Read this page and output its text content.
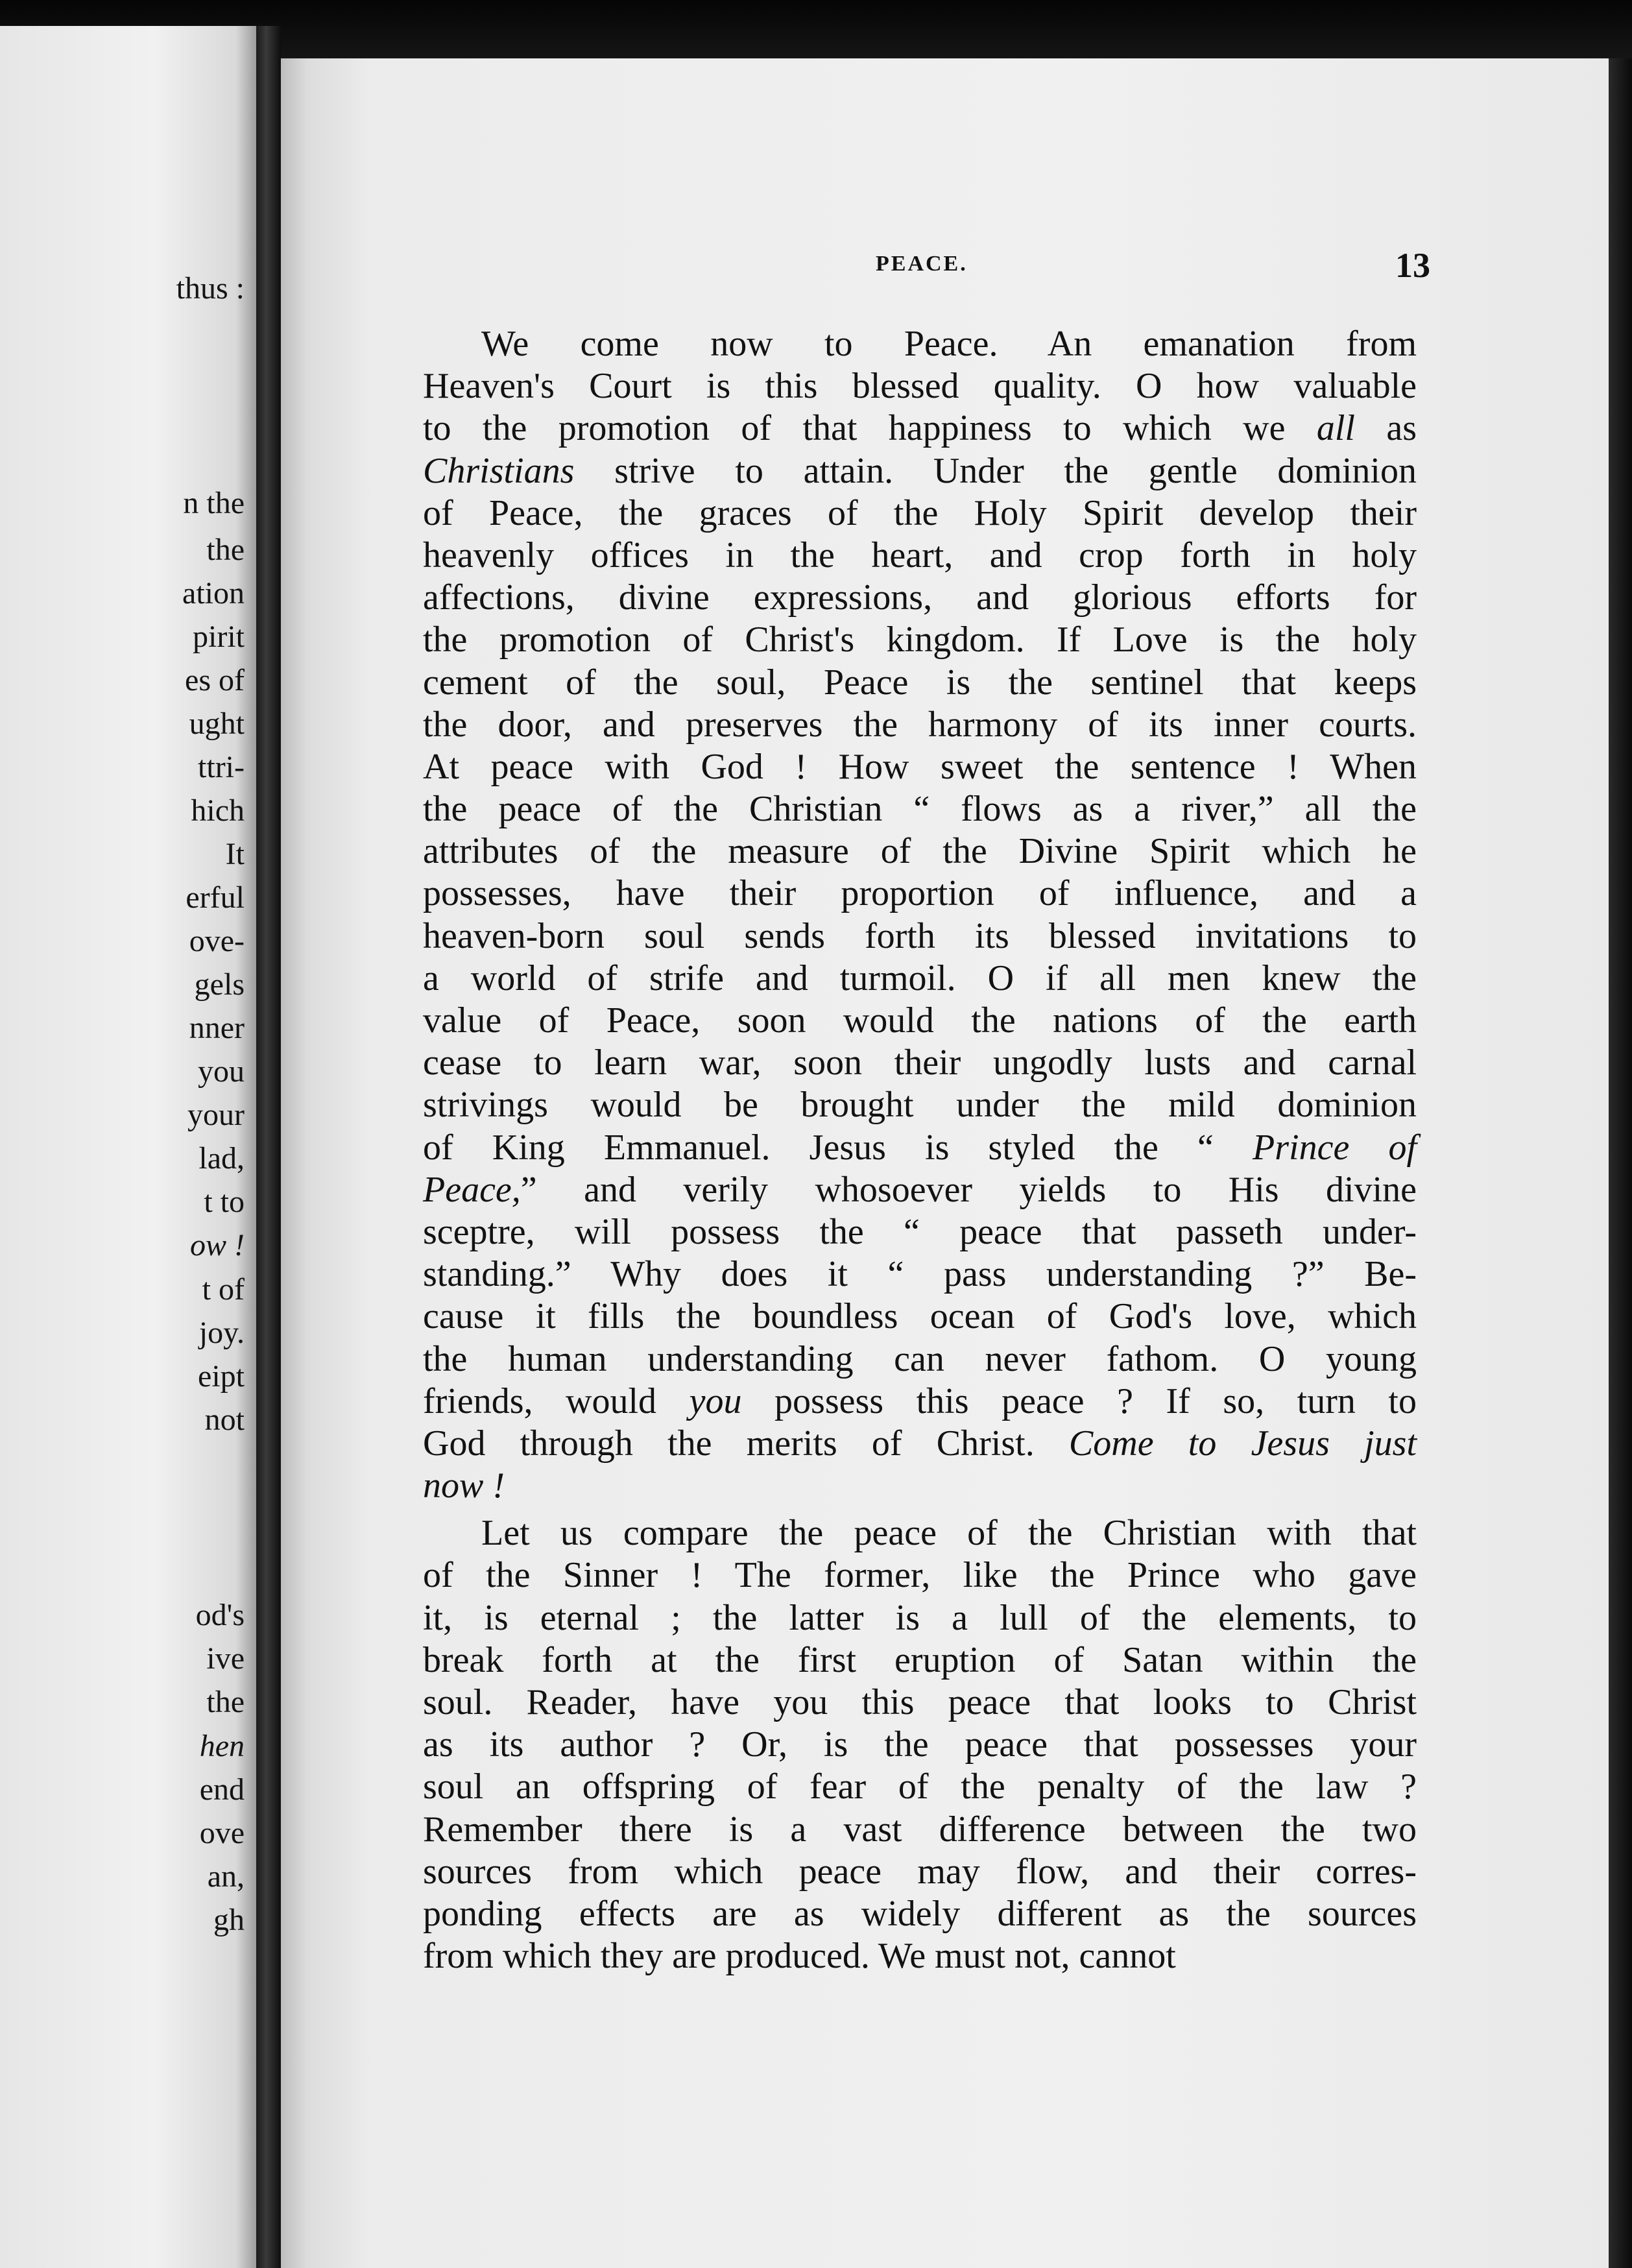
thus :
n the
the
ation
pirit
es of
ught
ttri-
hich
It
erful
ove-
gels
nner
you
your
lad,
t to
ow !
t of
joy.
eipt
not
od's
ive
the
hen
end
ove
an,
gh
PEACE.	13
We come now to Peace. An emanation from
Heaven's Court is this blessed quality. O how valuable
to the promotion of that happiness to which we all as
Christians strive to attain. Under the gentle dominion
of Peace, the graces of the Holy Spirit develop their
heavenly offices in the heart, and crop forth in holy
affections, divine expressions, and glorious efforts for
the promotion of Christ's kingdom. If Love is the holy
cement of the soul, Peace is the sentinel that keeps
the door, and preserves the harmony of its inner courts.
At peace with God ! How sweet the sentence ! When
the peace of the Christian “ flows as a river,” all the
attributes of the measure of the Divine Spirit which he
possesses, have their proportion of influence, and a
heaven-born soul sends forth its blessed invitations to
a world of strife and turmoil. O if all men knew the
value of Peace, soon would the nations of the earth
cease to learn war, soon their ungodly lusts and carnal
strivings would be brought under the mild dominion
of King Emmanuel. Jesus is styled the “ Prince of
Peace,” and verily whosoever yields to His divine
sceptre, will possess the “ peace that passeth under-
standing.” Why does it “ pass understanding ?” Be-
cause it fills the boundless ocean of God's love, which
the human understanding can never fathom. O young
friends, would you possess this peace ? If so, turn to
God through the merits of Christ. Come to Jesus just
now !
Let us compare the peace of the Christian with that
of the Sinner ! The former, like the Prince who gave
it, is eternal ; the latter is a lull of the elements, to
break forth at the first eruption of Satan within the
soul. Reader, have you this peace that looks to Christ
as its author ? Or, is the peace that possesses your
soul an offspring of fear of the penalty of the law ?
Remember there is a vast difference between the two
sources from which peace may flow, and their corres-
ponding effects are as widely different as the sources
from which they are produced. We must not, cannot
